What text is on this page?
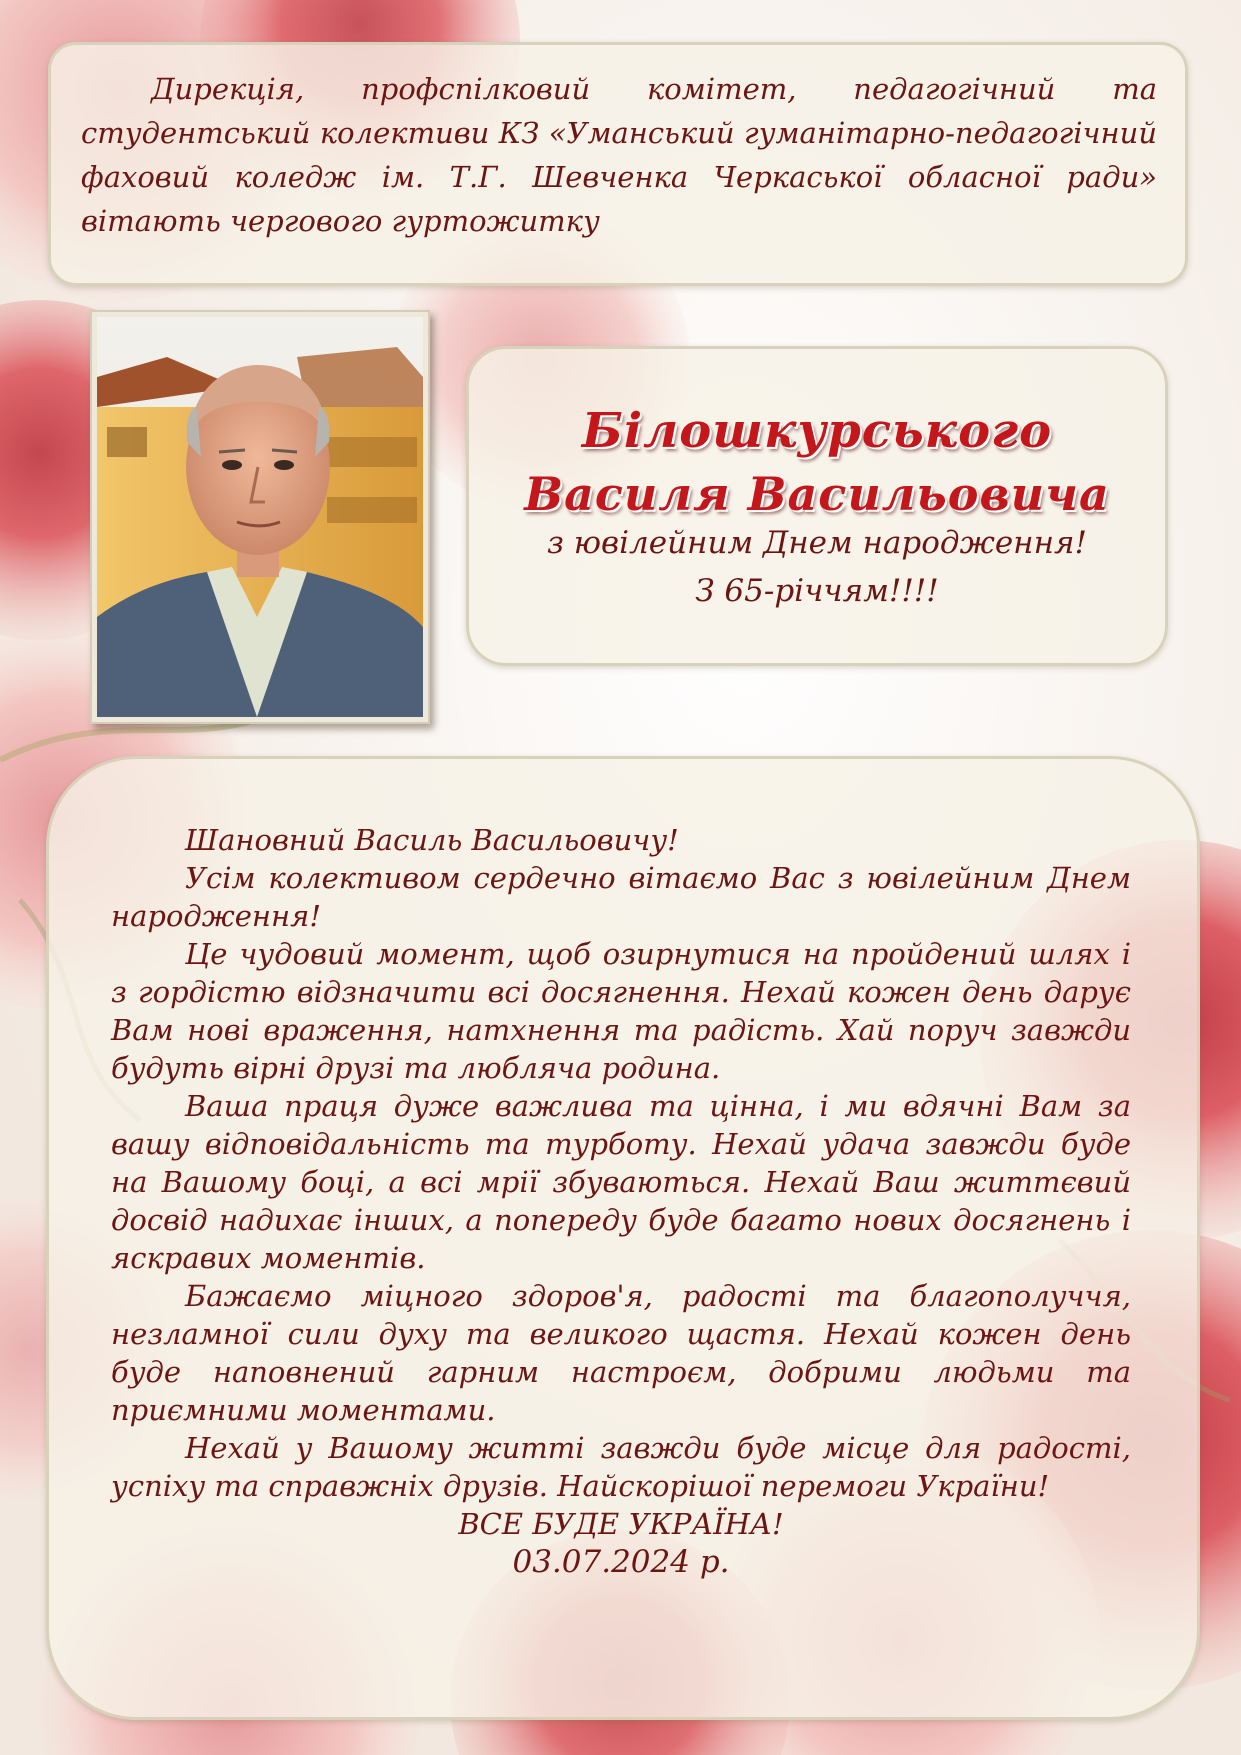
Дирекція, профспілковий комітет, педагогічний та студентський колективи КЗ «Уманський гуманітарно-педагогічний фаховий коледж ім. Т.Г. Шевченка Черкаської обласної ради» вітають чергового гуртожитку

Білошкурського
Василя Васильовича
з ювілейним Днем народження!
З 65-річчям!!!!

Шановний Василь Васильовичу!

Усім колективом сердечно вітаємо Вас з ювілейним Днем народження!

Це чудовий момент, щоб озирнутися на пройдений шлях і з гордістю відзначити всі досягнення. Нехай кожен день дарує Вам нові враження, натхнення та радість. Хай поруч завжди будуть вірні друзі та любляча родина.

Ваша праця дуже важлива та цінна, і ми вдячні Вам за вашу відповідальність та турботу. Нехай удача завжди буде на Вашому боці, а всі мрії збуваються. Нехай Ваш життєвий досвід надихає інших, а попереду буде багато нових досягнень і яскравих моментів.

Бажаємо міцного здоров'я, радості та благополуччя, незламної сили духу та великого щастя. Нехай кожен день буде наповнений гарним настроєм, добрими людьми та приємними моментами.

Нехай у Вашому житті завжди буде місце для радості, успіху та справжніх друзів. Найскорішої перемоги України!

ВСЕ БУДЕ УКРАЇНА!

03.07.2024 р.
